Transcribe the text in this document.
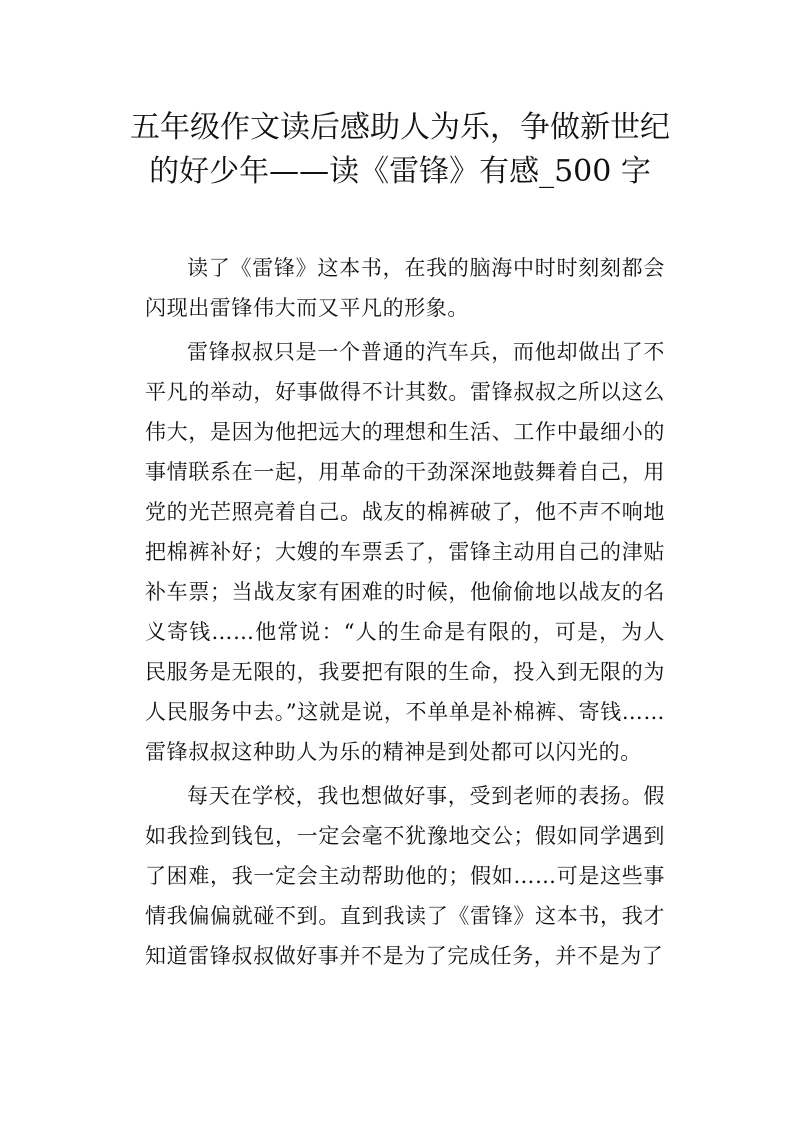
五年级作文读后感助人为乐，争做新世纪
的好少年——读《雷锋》有感_500 字

读了《雷锋》这本书，在我的脑海中时时刻刻都会闪现出雷锋伟大而又平凡的形象。

雷锋叔叔只是一个普通的汽车兵，而他却做出了不平凡的举动，好事做得不计其数。雷锋叔叔之所以这么伟大，是因为他把远大的理想和生活、工作中最细小的事情联系在一起，用革命的干劲深深地鼓舞着自己，用党的光芒照亮着自己。战友的棉裤破了，他不声不响地把棉裤补好；大嫂的车票丢了，雷锋主动用自己的津贴补车票；当战友家有困难的时候，他偷偷地以战友的名义寄钱……他常说：“人的生命是有限的，可是，为人民服务是无限的，我要把有限的生命，投入到无限的为人民服务中去。”这就是说，不单单是补棉裤、寄钱……雷锋叔叔这种助人为乐的精神是到处都可以闪光的。

每天在学校，我也想做好事，受到老师的表扬。假如我捡到钱包，一定会毫不犹豫地交公；假如同学遇到了困难，我一定会主动帮助他的；假如……可是这些事情我偏偏就碰不到。直到我读了《雷锋》这本书，我才知道雷锋叔叔做好事并不是为了完成任务，并不是为了
